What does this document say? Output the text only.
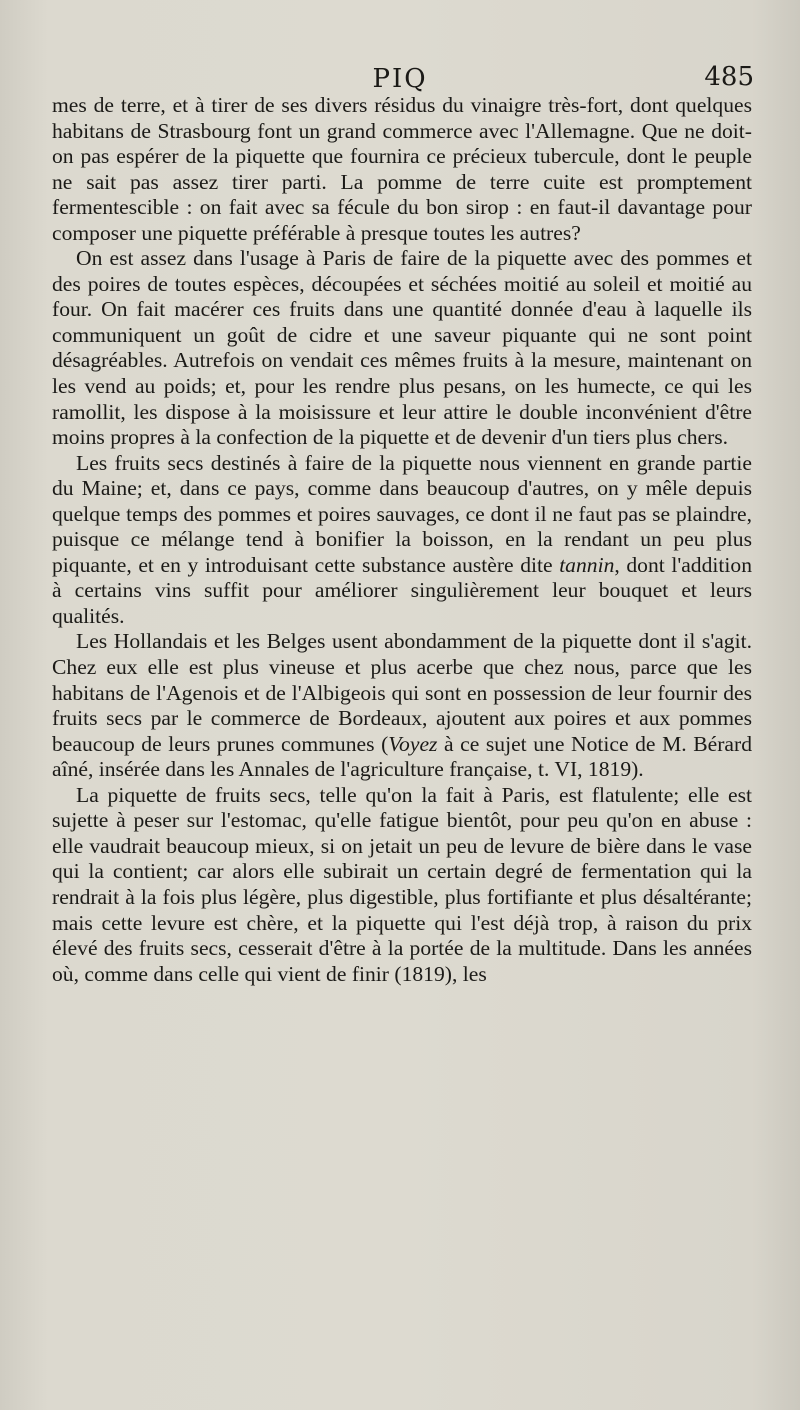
PIQ	485

mes de terre, et à tirer de ses divers résidus du vinaigre très-fort, dont quelques habitans de Strasbourg font un grand commerce avec l'Allemagne. Que ne doit-on pas espérer de la piquette que fournira ce précieux tubercule, dont le peuple ne sait pas assez tirer parti. La pomme de terre cuite est promptement fermentescible : on fait avec sa fécule du bon sirop : en faut-il davantage pour composer une piquette préférable à presque toutes les autres?

On est assez dans l'usage à Paris de faire de la piquette avec des pommes et des poires de toutes espèces, découpées et séchées moitié au soleil et moitié au four. On fait macérer ces fruits dans une quantité donnée d'eau à laquelle ils communiquent un goût de cidre et une saveur piquante qui ne sont point désagréables. Autrefois on vendait ces mêmes fruits à la mesure, maintenant on les vend au poids; et, pour les rendre plus pesans, on les humecte, ce qui les ramollit, les dispose à la moisissure et leur attire le double inconvénient d'être moins propres à la confection de la piquette et de devenir d'un tiers plus chers.

Les fruits secs destinés à faire de la piquette nous viennent en grande partie du Maine; et, dans ce pays, comme dans beaucoup d'autres, on y mêle depuis quelque temps des pommes et poires sauvages, ce dont il ne faut pas se plaindre, puisque ce mélange tend à bonifier la boisson, en la rendant un peu plus piquante, et en y introduisant cette substance austère dite tannin, dont l'addition à certains vins suffit pour améliorer singulièrement leur bouquet et leurs qualités.

Les Hollandais et les Belges usent abondamment de la piquette dont il s'agit. Chez eux elle est plus vineuse et plus acerbe que chez nous, parce que les habitans de l'Agenois et de l'Albigeois qui sont en possession de leur fournir des fruits secs par le commerce de Bordeaux, ajoutent aux poires et aux pommes beaucoup de leurs prunes communes (Voyez à ce sujet une Notice de M. Bérard aîné, insérée dans les Annales de l'agriculture française, t. VI, 1819).

La piquette de fruits secs, telle qu'on la fait à Paris, est flatulente; elle est sujette à peser sur l'estomac, qu'elle fatigue bientôt, pour peu qu'on en abuse : elle vaudrait beaucoup mieux, si on jetait un peu de levure de bière dans le vase qui la contient; car alors elle subirait un certain degré de fermentation qui la rendrait à la fois plus légère, plus digestible, plus fortifiante et plus désaltérante; mais cette levure est chère, et la piquette qui l'est déjà trop, à raison du prix élevé des fruits secs, cesserait d'être à la portée de la multitude. Dans les années où, comme dans celle qui vient de finir (1819), les
